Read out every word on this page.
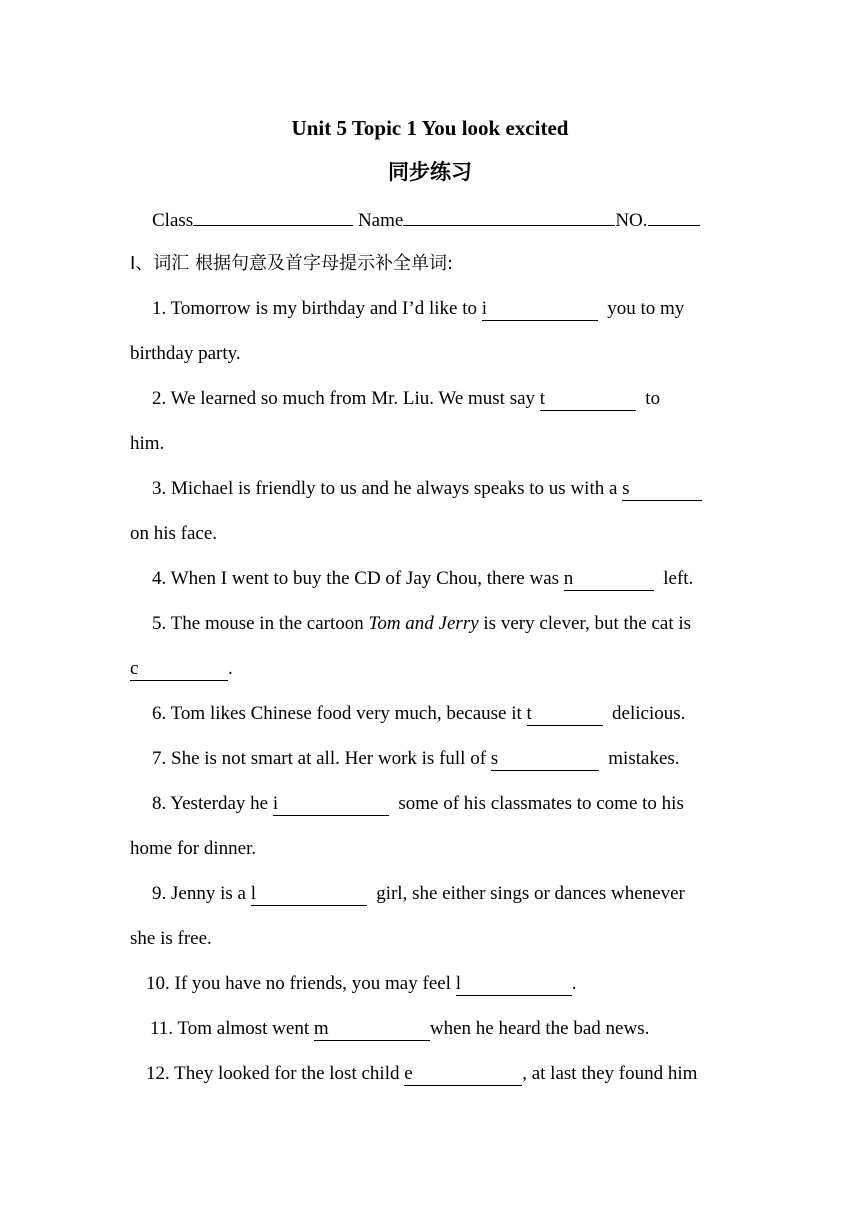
Unit 5 Topic 1 You look excited
同步练习
Class	Name	NO.
Ⅰ、词汇 根据句意及首字母提示补全单词:
1. Tomorrow is my birthday and I’d like to i	you to my
birthday party.
2. We learned so much from Mr. Liu. We must say t	to
him.
3. Michael is friendly to us and he always speaks to us with a s
on his face.
4. When I went to buy the CD of Jay Chou, there was n	left.
5. The mouse in the cartoon Tom and Jerry is very clever, but the cat is
c	.
6. Tom likes Chinese food very much, because it t	delicious.
7. She is not smart at all. Her work is full of s	mistakes.
8. Yesterday he i	some of his classmates to come to his
home for dinner.
9. Jenny is a l	girl, she either sings or dances whenever
she is free.
10. If you have no friends, you may feel l	.
11. Tom almost went m	when he heard the bad news.
12. They looked for the lost child e	, at last they found him
